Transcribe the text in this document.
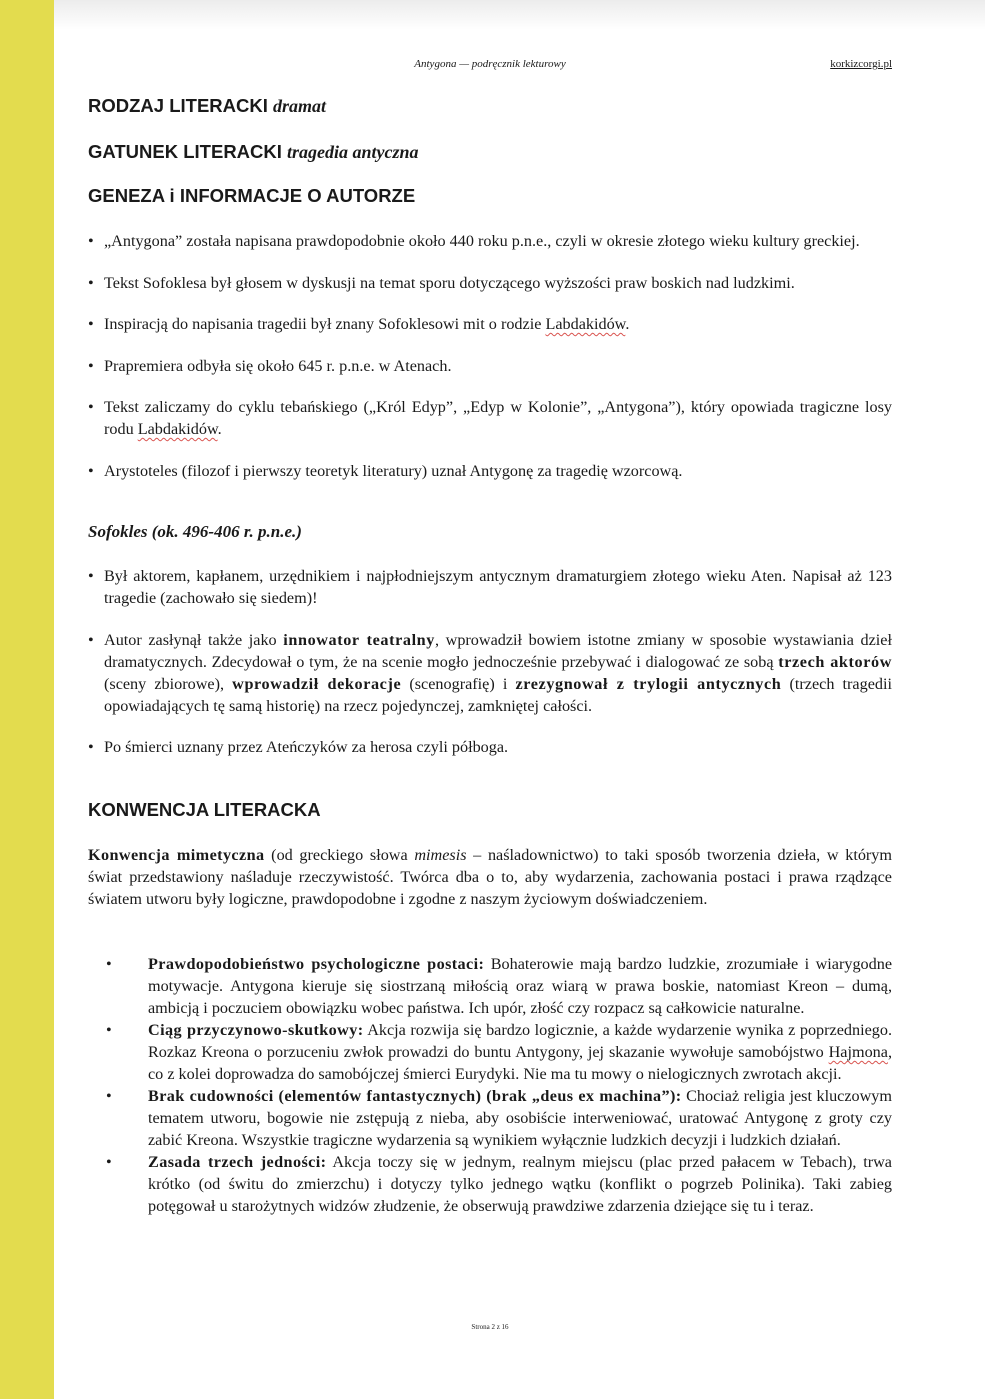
Antygona — podręcznik lekturowy	korkizcorgi.pl
RODZAJ LITERACKI dramat
GATUNEK LITERACKI tragedia antyczna
GENEZA i INFORMACJE O AUTORZE
• „Antygona” została napisana prawdopodobnie około 440 roku p.n.e., czyli w okresie złotego wieku kultury greckiej.
• Tekst Sofoklesa był głosem w dyskusji na temat sporu dotyczącego wyższości praw boskich nad ludzkimi.
• Inspiracją do napisania tragedii był znany Sofoklesowi mit o rodzie Labdakidów.
• Prapremiera odbyła się około 645 r. p.n.e. w Atenach.
• Tekst zaliczamy do cyklu tebańskiego („Król Edyp”, „Edyp w Kolonie”, „Antygona”), który opowiada tragiczne losy rodu Labdakidów.
• Arystoteles (filozof i pierwszy teoretyk literatury) uznał Antygonę za tragedię wzorcową.
Sofokles (ok. 496-406 r. p.n.e.)
• Był aktorem, kapłanem, urzędnikiem i najpłodniejszym antycznym dramaturgiem złotego wieku Aten. Napisał aż 123 tragedie (zachowało się siedem)!
• Autor zasłynął także jako innowator teatralny, wprowadził bowiem istotne zmiany w sposobie wystawiania dzieł dramatycznych. Zdecydował o tym, że na scenie mogło jednocześnie przebywać i dialogować ze sobą trzech aktorów (sceny zbiorowe), wprowadził dekoracje (scenografię) i zrezygnował z trylogii antycznych (trzech tragedii opowiadających tę samą historię) na rzecz pojedynczej, zamkniętej całości.
• Po śmierci uznany przez Ateńczyków za herosa czyli półboga.
KONWENCJA LITERACKA

Konwencja mimetyczna (od greckiego słowa mimesis – naśladownictwo) to taki sposób tworzenia dzieła, w którym świat przedstawiony naśladuje rzeczywistość. Twórca dba o to, aby wydarzenia, zachowania postaci i prawa rządzące światem utworu były logiczne, prawdopodobne i zgodne z naszym życiowym doświadczeniem.

• Prawdopodobieństwo psychologiczne postaci: Bohaterowie mają bardzo ludzkie, zrozumiałe i wiarygodne motywacje. Antygona kieruje się siostrzaną miłością oraz wiarą w prawa boskie, natomiast Kreon – dumą, ambicją i poczuciem obowiązku wobec państwa. Ich upór, złość czy rozpacz są całkowicie naturalne.
• Ciąg przyczynowo-skutkowy: Akcja rozwija się bardzo logicznie, a każde wydarzenie wynika z poprzedniego. Rozkaz Kreona o porzuceniu zwłok prowadzi do buntu Antygony, jej skazanie wywołuje samobójstwo Hajmona, co z kolei doprowadza do samobójczej śmierci Eurydyki. Nie ma tu mowy o nielogicznych zwrotach akcji.
• Brak cudowności (elementów fantastycznych) (brak „deus ex machina”): Chociaż religia jest kluczowym tematem utworu, bogowie nie zstępują z nieba, aby osobiście interweniować, uratować Antygonę z groty czy zabić Kreona. Wszystkie tragiczne wydarzenia są wynikiem wyłącznie ludzkich decyzji i ludzkich działań.
• Zasada trzech jedności: Akcja toczy się w jednym, realnym miejscu (plac przed pałacem w Tebach), trwa krótko (od świtu do zmierzchu) i dotyczy tylko jednego wątku (konflikt o pogrzeb Polinika). Taki zabieg potęgował u starożytnych widzów złudzenie, że obserwują prawdziwe zdarzenia dziejące się tu i teraz.
Strona 2 z 16
